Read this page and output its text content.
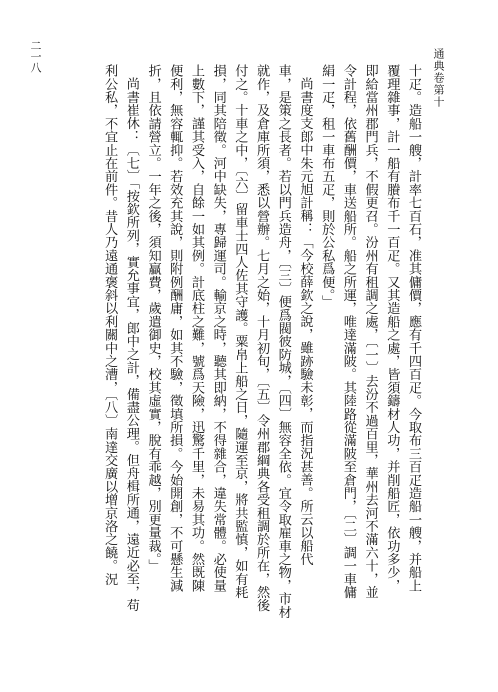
通典卷第十
二一八
十疋。造船一艘，計率七百石，准其傭價，應有千四百疋。今取布三百疋造船一艘，并船上
覆理雜事，計一船有賸布千一百疋。又其造船之處，皆須鑄材人功，并削船匠，依功多少，
即給當州郡門兵，不假更召。汾州有租調之處，〔一〕去汾不過百里，華州去河不滿六十，並
令計程，依舊酬價，車送船所。船之所運，唯達滿陂。其陸路從滿陂至倉門，〔二〕調一車傭
絹一疋，租一車布五疋，則於公私爲便。」
尚書度支郎中朱元旭計稱：「今校薛欽之說，雖跡驗未彰，而指況甚善。所云以船代
車，是策之長者。若以門兵造舟，〔三〕便爲閥彼防城，〔四〕無容全依。宜令取雇車之物，市材
就作，及倉庫所須，悉以營辦。七月之始，十月初旬，〔五〕令州郡綱典各受租調於所在，然後
付之。十車之中，〔六〕留車士四人佐其守護。粟帛上船之日，隨運至京，將共監慎，如有耗
損，同其陪徵。河中缺失，專歸運司。輸京之時，聽其即納，不得雜合，違失常體。必使量
上數下，謹其受入，自餘一如其例。計底柱之難，號爲天險，迅驚千里，未易其功。然既陳
便利，無容輒抑。若效充其說，則附例酬庸，如其不驗，徵填所損。今始開創，不可懸生減
折，且依請營立。一年之後，須知贏費，歲遣御史，校其虛實，脫有乖越，別更量裁。」
尚書崔休：〔七〕「按欽所列，實允事宜，郎中之計，備盡公理。但舟楫所通，遠近必至，苟
利公私，不宜止在前件。昔人乃遠通褒斜以利關中之漕，〔八〕南達交廣以增京洛之饒。況
